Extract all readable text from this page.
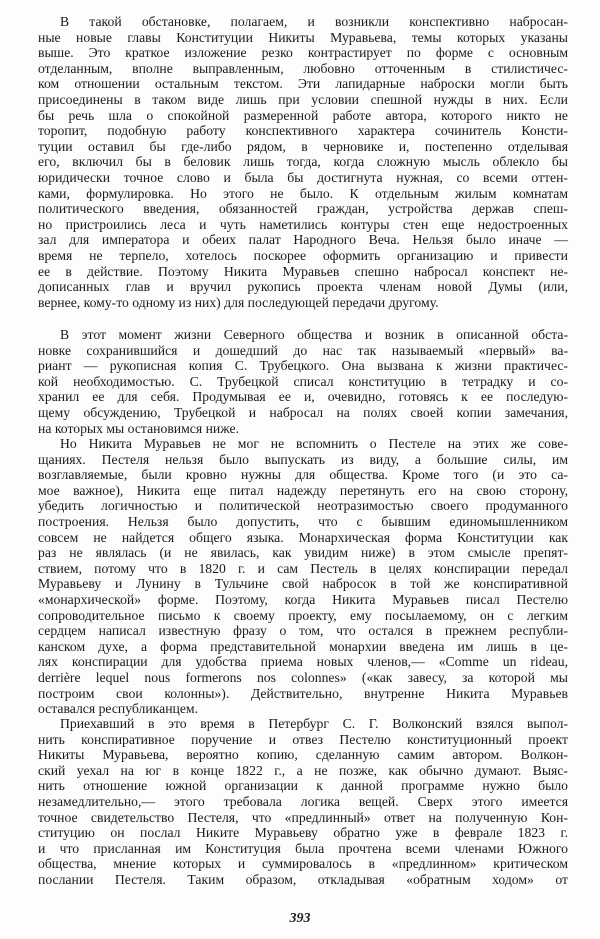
В такой обстановке, полагаем, и возникли конспективно набросан-
ные новые главы Конституции Никиты Муравьева, темы которых указаны
выше. Это краткое изложение резко контрастирует по форме с основным
отделанным, вполне выправленным, любовно отточенным в стилистичес-
ком отношении остальным текстом. Эти лапидарные наброски могли быть
присоединены в таком виде лишь при условии спешной нужды в них. Если
бы речь шла о спокойной размеренной работе автора, которого никто не
торопит, подобную работу конспективного характера сочинитель Консти-
туции оставил бы где-либо рядом, в черновике и, постепенно отделывая
его, включил бы в беловик лишь тогда, когда сложную мысль облекло бы
юридически точное слово и была бы достигнута нужная, со всеми оттен-
ками, формулировка. Но этого не было. К отдельным жилым комнатам
политического введения, обязанностей граждан, устройства держав спеш-
но пристроились леса и чуть наметились контуры стен еще недостроенных
зал для императора и обеих палат Народного Веча. Нельзя было иначе —
время не терпело, хотелось поскорее оформить организацию и привести
ее в действие. Поэтому Никита Муравьев спешно набросал конспект не-
дописанных глав и вручил рукопись проекта членам новой Думы (или,
вернее, кому-то одному из них) для последующей передачи другому.
В этот момент жизни Северного общества и возник в описанной обста-
новке сохранившийся и дошедший до нас так называемый «первый» ва-
риант — рукописная копия С. Трубецкого. Она вызвана к жизни практичес-
кой необходимостью. С. Трубецкой списал конституцию в тетрадку и со-
хранил ее для себя. Продумывая ее и, очевидно, готовясь к ее последую-
щему обсуждению, Трубецкой и набросал на полях своей копии замечания,
на которых мы остановимся ниже.
Но Никита Муравьев не мог не вспомнить о Пестеле на этих же сове-
щаниях. Пестеля нельзя было выпускать из виду, а большие силы, им
возглавляемые, были кровно нужны для общества. Кроме того (и это са-
мое важное), Никита еще питал надежду перетянуть его на свою сторону,
убедить логичностью и политической неотразимостью своего продуманного
построения. Нельзя было допустить, что с бывшим единомышленником
совсем не найдется общего языка. Монархическая форма Конституции как
раз не являлась (и не явилась, как увидим ниже) в этом смысле препят-
ствием, потому что в 1820 г. и сам Пестель в целях конспирации передал
Муравьеву и Лунину в Тульчине свой набросок в той же конспиративной
«монархической» форме. Поэтому, когда Никита Муравьев писал Пестелю
сопроводительное письмо к своему проекту, ему посылаемому, он с легким
сердцем написал известную фразу о том, что остался в прежнем республи-
канском духе, а форма представительной монархии введена им лишь в це-
лях конспирации для удобства приема новых членов,— «Comme un rideau,
derrière lequel nous formerons nos colonnes» («как завесу, за которой мы
построим свои колонны»). Действительно, внутренне Никита Муравьев
оставался республиканцем.
Приехавший в это время в Петербург С. Г. Волконский взялся выпол-
нить конспиративное поручение и отвез Пестелю конституционный проект
Никиты Муравьева, вероятно копию, сделанную самим автором. Волкон-
ский уехал на юг в конце 1822 г., а не позже, как обычно думают. Выяс-
нить отношение южной организации к данной программе нужно было
незамедлительно,— этого требовала логика вещей. Сверх этого имеется
точное свидетельство Пестеля, что «предлинный» ответ на полученную Кон-
ституцию он послал Никите Муравьеву обратно уже в феврале 1823 г.
и что присланная им Конституция была прочтена всеми членами Южного
общества, мнение которых и суммировалось в «предлинном» критическом
послании Пестеля. Таким образом, откладывая «обратным ходом» от
393
